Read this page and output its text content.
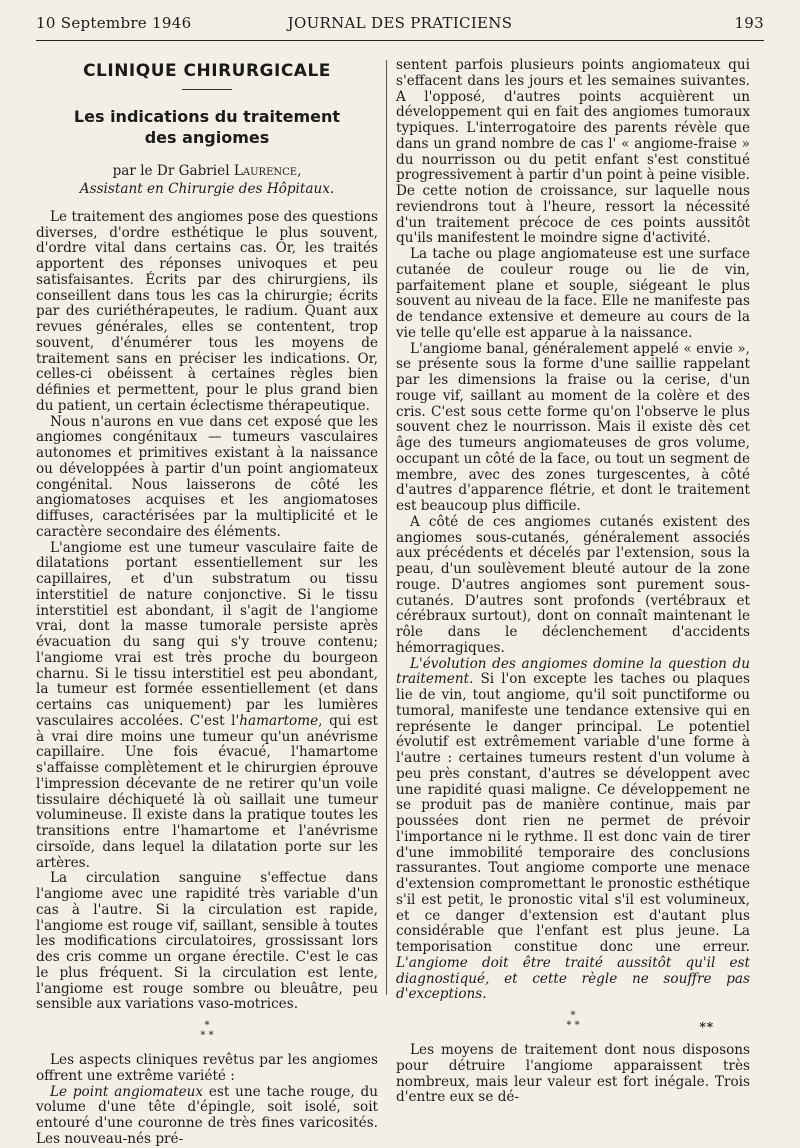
10 Septembre 1946	JOURNAL DES PRATICIENS	193
CLINIQUE CHIRURGICALE
Les indications du traitement
des angiomes
par le Dr Gabriel Laurence,
Assistant en Chirurgie des Hôpitaux.

Le traitement des angiomes pose des questions diverses, d'ordre esthétique le plus souvent, d'ordre vital dans certains cas. Or, les traités apportent des réponses univoques et peu satisfaisantes. Écrits par des chirurgiens, ils conseillent dans tous les cas la chirurgie; écrits par des curiéthérapeutes, le radium. Quant aux revues générales, elles se contentent, trop souvent, d'énumérer tous les moyens de traitement sans en préciser les indications. Or, celles-ci obéissent à certaines règles bien définies et permettent, pour le plus grand bien du patient, un certain éclectisme thérapeutique.

Nous n'aurons en vue dans cet exposé que les angiomes congénitaux — tumeurs vasculaires autonomes et primitives existant à la naissance ou développées à partir d'un point angiomateux congénital. Nous laisserons de côté les angiomatoses acquises et les angiomatoses diffuses, caractérisées par la multiplicité et le caractère secondaire des éléments.

L'angiome est une tumeur vasculaire faite de dilatations portant essentiellement sur les capillaires, et d'un substratum ou tissu interstitiel de nature conjonctive. Si le tissu interstitiel est abondant, il s'agit de l'angiome vrai, dont la masse tumorale persiste après évacuation du sang qui s'y trouve contenu; l'angiome vrai est très proche du bourgeon charnu. Si le tissu interstitiel est peu abondant, la tumeur est formée essentiellement (et dans certains cas uniquement) par les lumières vasculaires accolées. C'est l'hamartome, qui est à vrai dire moins une tumeur qu'un anévrisme capillaire. Une fois évacué, l'hamartome s'affaisse complètement et le chirurgien éprouve l'impression décevante de ne retirer qu'un voile tissulaire déchiqueté là où saillait une tumeur volumineuse. Il existe dans la pratique toutes les transitions entre l'hamartome et l'anévrisme cirsoïde, dans lequel la dilatation porte sur les artères.

La circulation sanguine s'effectue dans l'angiome avec une rapidité très variable d'un cas à l'autre. Si la circulation est rapide, l'angiome est rouge vif, saillant, sensible à toutes les modifications circulatoires, grossissant lors des cris comme un organe érectile. C'est le cas le plus fréquent. Si la circulation est lente, l'angiome est rouge sombre ou bleuâtre, peu sensible aux variations vaso-motrices.

*
* *

Les aspects cliniques revêtus par les angiomes offrent une extrême variété :

Le point angiomateux est une tache rouge, du volume d'une tête d'épingle, soit isolé, soit entouré d'une couronne de très fines varicosités. Les nouveau-nés pré-

sentent parfois plusieurs points angiomateux qui s'effacent dans les jours et les semaines suivantes. A l'opposé, d'autres points acquièrent un développement qui en fait des angiomes tumoraux typiques. L'interrogatoire des parents révèle que dans un grand nombre de cas l' « angiome-fraise » du nourrisson ou du petit enfant s'est constitué progressivement à partir d'un point à peine visible. De cette notion de croissance, sur laquelle nous reviendrons tout à l'heure, ressort la nécessité d'un traitement précoce de ces points aussitôt qu'ils manifestent le moindre signe d'activité.

La tache ou plage angiomateuse est une surface cutanée de couleur rouge ou lie de vin, parfaitement plane et souple, siégeant le plus souvent au niveau de la face. Elle ne manifeste pas de tendance extensive et demeure au cours de la vie telle qu'elle est apparue à la naissance.

L'angiome banal, généralement appelé « envie », se présente sous la forme d'une saillie rappelant par les dimensions la fraise ou la cerise, d'un rouge vif, saillant au moment de la colère et des cris. C'est sous cette forme qu'on l'observe le plus souvent chez le nourrisson. Mais il existe dès cet âge des tumeurs angiomateuses de gros volume, occupant un côté de la face, ou tout un segment de membre, avec des zones turgescentes, à côté d'autres d'apparence flétrie, et dont le traitement est beaucoup plus difficile.

A côté de ces angiomes cutanés existent des angiomes sous-cutanés, généralement associés aux précédents et décelés par l'extension, sous la peau, d'un soulèvement bleuté autour de la zone rouge. D'autres angiomes sont purement sous-cutanés. D'autres sont profonds (vertébraux et cérébraux surtout), dont on connaît maintenant le rôle dans le déclenchement d'accidents hémorragiques.

L'évolution des angiomes domine la question du traitement. Si l'on excepte les taches ou plaques lie de vin, tout angiome, qu'il soit punctiforme ou tumoral, manifeste une tendance extensive qui en représente le danger principal. Le potentiel évolutif est extrêmement variable d'une forme à l'autre : certaines tumeurs restent d'un volume à peu près constant, d'autres se développent avec une rapidité quasi maligne. Ce développement ne se produit pas de manière continue, mais par poussées dont rien ne permet de prévoir l'importance ni le rythme. Il est donc vain de tirer d'une immobilité temporaire des conclusions rassurantes. Tout angiome comporte une menace d'extension compromettant le pronostic esthétique s'il est petit, le pronostic vital s'il est volumineux, et ce danger d'extension est d'autant plus considérable que l'enfant est plus jeune. La temporisation constitue donc une erreur. L'angiome doit être traité aussitôt qu'il est diagnostiqué, et cette règle ne souffre pas d'exceptions.

*
* *

Les moyens de traitement dont nous disposons pour détruire l'angiome apparaissent très nombreux, mais leur valeur est fort inégale. Trois d'entre eux se dé-

**
